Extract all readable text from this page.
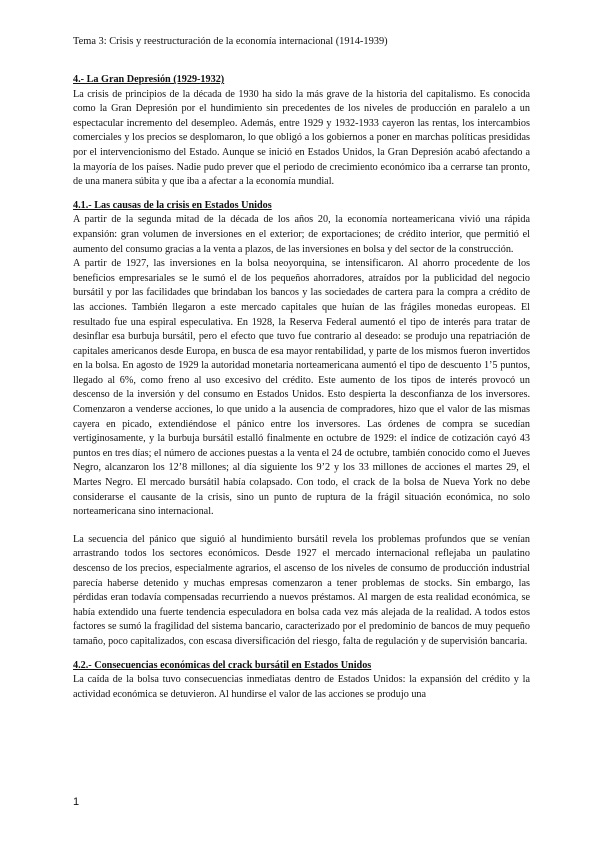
Tema 3: Crisis y reestructuración de la economía internacional (1914-1939)

4.- La Gran Depresión (1929-1932)

La crisis de principios de la década de 1930 ha sido la más grave de la historia del capitalismo. Es conocida como la Gran Depresión por el hundimiento sin precedentes de los niveles de producción en paralelo a un espectacular incremento del desempleo. Además, entre 1929 y 1932-1933 cayeron las rentas, los intercambios comerciales y los precios se desplomaron, lo que obligó a los gobiernos a poner en marchas políticas presididas por el intervencionismo del Estado. Aunque se inició en Estados Unidos, la Gran Depresión acabó afectando a la mayoría de los países. Nadie pudo prever que el periodo de crecimiento económico iba a cerrarse tan pronto, de una manera súbita y que iba a afectar a la economía mundial.

4.1.- Las causas de la crisis en Estados Unidos

A partir de la segunda mitad de la década de los años 20, la economía norteamericana vivió una rápida expansión: gran volumen de inversiones en el exterior; de exportaciones; de crédito interior, que permitió el aumento del consumo gracias a la venta a plazos, de las inversiones en bolsa y del sector de la construcción.

A partir de 1927, las inversiones en la bolsa neoyorquina, se intensificaron. Al ahorro procedente de los beneficios empresariales se le sumó el de los pequeños ahorradores, atraídos por la publicidad del negocio bursátil y por las facilidades que brindaban los bancos y las sociedades de cartera para la compra a crédito de las acciones. También llegaron a este mercado capitales que huían de las frágiles monedas europeas. El resultado fue una espiral especulativa. En 1928, la Reserva Federal aumentó el tipo de interés para tratar de desinflar esa burbuja bursátil, pero el efecto que tuvo fue contrario al deseado: se produjo una repatriación de capitales americanos desde Europa, en busca de esa mayor rentabilidad, y parte de los mismos fueron invertidos en la bolsa. En agosto de 1929 la autoridad monetaria norteamericana aumentó el tipo de descuento 1’5 puntos, llegado al 6%, como freno al uso excesivo del crédito. Este aumento de los tipos de interés provocó un descenso de la inversión y del consumo en Estados Unidos. Esto despierta la desconfianza de los inversores. Comenzaron a venderse acciones, lo que unido a la ausencia de compradores, hizo que el valor de las mismas cayera en picado, extendiéndose el pánico entre los inversores. Las órdenes de compra se sucedían vertiginosamente, y la burbuja bursátil estalló finalmente en octubre de 1929: el índice de cotización cayó 43 puntos en tres días; el número de acciones puestas a la venta el 24 de octubre, también conocido como el Jueves Negro, alcanzaron los 12’8 millones; al día siguiente los 9’2 y los 33 millones de acciones el martes 29, el Martes Negro. El mercado bursátil había colapsado. Con todo, el crack de la bolsa de Nueva York no debe considerarse el causante de la crisis, sino un punto de ruptura de la frágil situación económica, no solo norteamericana sino internacional.

La secuencia del pánico que siguió al hundimiento bursátil revela los problemas profundos que se venían arrastrando todos los sectores económicos. Desde 1927 el mercado internacional reflejaba un paulatino descenso de los precios, especialmente agrarios, el ascenso de los niveles de consumo de producción industrial parecía haberse detenido y muchas empresas comenzaron a tener problemas de stocks. Sin embargo, las pérdidas eran todavía compensadas recurriendo a nuevos préstamos. Al margen de esta realidad económica, se había extendido una fuerte tendencia especuladora en bolsa cada vez más alejada de la realidad. A todos estos factores se sumó la fragilidad del sistema bancario, caracterizado por el predominio de bancos de muy pequeño tamaño, poco capitalizados, con escasa diversificación del riesgo, falta de regulación y de supervisión bancaria.

4.2.- Consecuencias económicas del crack bursátil en Estados Unidos

La caída de la bolsa tuvo consecuencias inmediatas dentro de Estados Unidos: la expansión del crédito y la actividad económica se detuvieron. Al hundirse el valor de las acciones se produjo una

1
